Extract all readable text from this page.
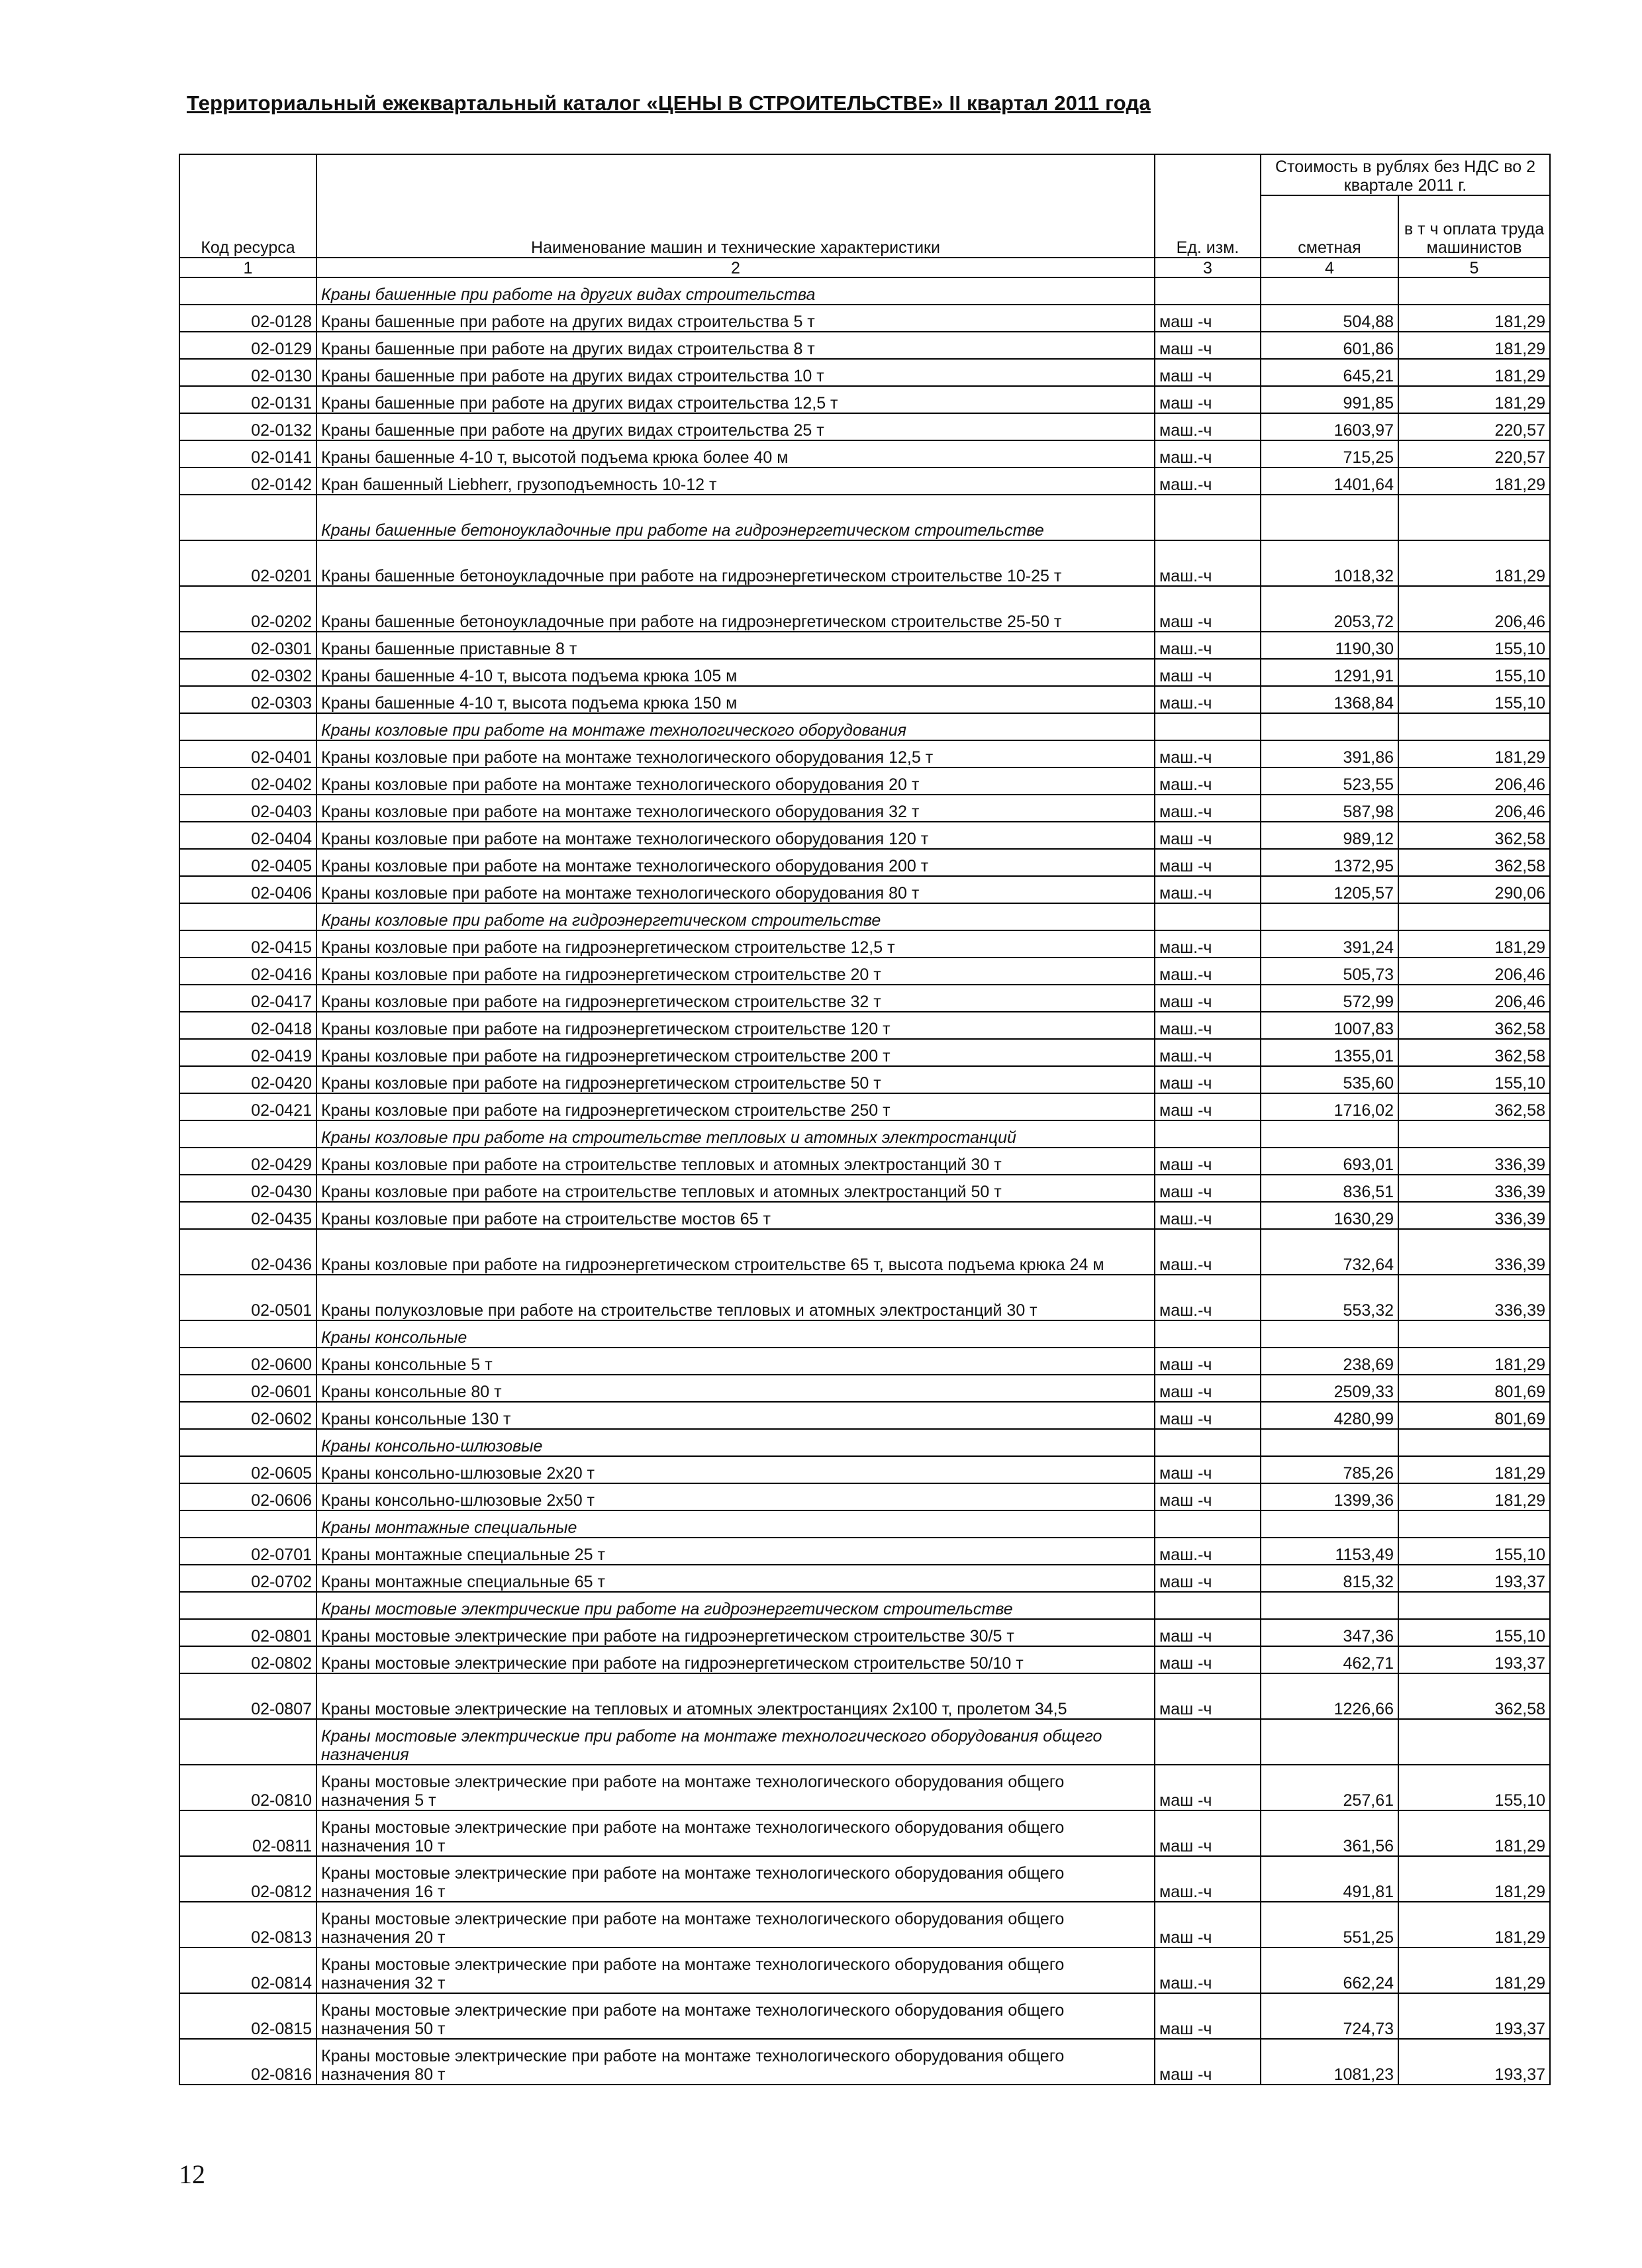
Территориальный ежеквартальный каталог «ЦЕНЫ В СТРОИТЕЛЬСТВЕ» II квартал 2011 года
Код ресурса	Наименование машин и технические характеристики	Ед. изм.	Стоимость в рублях без НДС во 2 квартале 2011 г.	
			сметная	в т ч оплата труда машинистов
1	2	3	4	5
	Краны башенные при работе на других видах строительства			
02-0128	Краны башенные при работе на других видах строительства 5 т	маш -ч	504,88	181,29
02-0129	Краны башенные при работе на других видах строительства 8 т	маш -ч	601,86	181,29
02-0130	Краны башенные при работе на других видах строительства 10 т	маш -ч	645,21	181,29
02-0131	Краны башенные при работе на других видах строительства 12,5 т	маш -ч	991,85	181,29
02-0132	Краны башенные при работе на других видах строительства 25 т	маш.-ч	1603,97	220,57
02-0141	Краны башенные 4-10 т, высотой подъема крюка более 40 м	маш.-ч	715,25	220,57
02-0142	Кран башенный Liebherr, грузоподъемность 10-12 т	маш.-ч	1401,64	181,29
	Краны башенные бетоноукладочные при работе на гидроэнергетическом строительстве			
02-0201	Краны башенные бетоноукладочные при работе на гидроэнергетическом строительстве 10-25 т	маш.-ч	1018,32	181,29
02-0202	Краны башенные бетоноукладочные при работе на гидроэнергетическом строительстве 25-50 т	маш -ч	2053,72	206,46
02-0301	Краны башенные приставные 8 т	маш.-ч	1190,30	155,10
02-0302	Краны башенные 4-10 т, высота подъема крюка 105 м	маш -ч	1291,91	155,10
02-0303	Краны башенные 4-10 т, высота подъема крюка 150 м	маш.-ч	1368,84	155,10
	Краны козловые при работе на монтаже технологического оборудования			
02-0401	Краны козловые при работе на монтаже технологического оборудования 12,5 т	маш.-ч	391,86	181,29
02-0402	Краны козловые при работе на монтаже технологического оборудования 20 т	маш.-ч	523,55	206,46
02-0403	Краны козловые при работе на монтаже технологического оборудования 32 т	маш.-ч	587,98	206,46
02-0404	Краны козловые при работе на монтаже технологического оборудования 120 т	маш -ч	989,12	362,58
02-0405	Краны козловые при работе на монтаже технологического оборудования 200 т	маш -ч	1372,95	362,58
02-0406	Краны козловые при работе на монтаже технологического оборудования 80 т	маш.-ч	1205,57	290,06
	Краны козловые при работе на гидроэнергетическом строительстве			
02-0415	Краны козловые при работе на гидроэнергетическом строительстве 12,5 т	маш.-ч	391,24	181,29
02-0416	Краны козловые при работе на гидроэнергетическом строительстве 20 т	маш.-ч	505,73	206,46
02-0417	Краны козловые при работе на гидроэнергетическом строительстве 32 т	маш -ч	572,99	206,46
02-0418	Краны козловые при работе на гидроэнергетическом строительстве 120 т	маш.-ч	1007,83	362,58
02-0419	Краны козловые при работе на гидроэнергетическом строительстве 200 т	маш.-ч	1355,01	362,58
02-0420	Краны козловые при работе на гидроэнергетическом строительстве 50 т	маш -ч	535,60	155,10
02-0421	Краны козловые при работе на гидроэнергетическом строительстве 250 т	маш -ч	1716,02	362,58
	Краны козловые при работе на строительстве тепловых и атомных электростанций			
02-0429	Краны козловые при работе на строительстве тепловых и атомных электростанций 30 т	маш -ч	693,01	336,39
02-0430	Краны козловые при работе на строительстве тепловых и атомных электростанций 50 т	маш -ч	836,51	336,39
02-0435	Краны козловые при работе на строительстве мостов 65 т	маш.-ч	1630,29	336,39
02-0436	Краны козловые при работе на гидроэнергетическом строительстве 65 т, высота подъема крюка 24 м	маш.-ч	732,64	336,39
02-0501	Краны полукозловые при работе на строительстве тепловых и атомных электростанций 30 т	маш.-ч	553,32	336,39
	Краны консольные			
02-0600	Краны консольные 5 т	маш -ч	238,69	181,29
02-0601	Краны консольные 80 т	маш -ч	2509,33	801,69
02-0602	Краны консольные 130 т	маш -ч	4280,99	801,69
	Краны консольно-шлюзовые			
02-0605	Краны консольно-шлюзовые 2х20 т	маш -ч	785,26	181,29
02-0606	Краны консольно-шлюзовые 2х50 т	маш -ч	1399,36	181,29
	Краны монтажные специальные			
02-0701	Краны монтажные специальные 25 т	маш.-ч	1153,49	155,10
02-0702	Краны монтажные специальные 65 т	маш -ч	815,32	193,37
	Краны мостовые электрические при работе на гидроэнергетическом строительстве			
02-0801	Краны мостовые электрические при работе на гидроэнергетическом строительстве 30/5 т	маш -ч	347,36	155,10
02-0802	Краны мостовые электрические при работе на гидроэнергетическом строительстве 50/10 т	маш -ч	462,71	193,37
02-0807	Краны мостовые электрические на тепловых и атомных электростанциях 2х100 т, пролетом 34,5	маш -ч	1226,66	362,58
	Краны мостовые электрические при работе на монтаже технологического оборудования общего назначения			
02-0810	Краны мостовые электрические при работе на монтаже технологического оборудования общего назначения 5 т	маш -ч	257,61	155,10
02-0811	Краны мостовые электрические при работе на монтаже технологического оборудования общего назначения 10 т	маш -ч	361,56	181,29
02-0812	Краны мостовые электрические при работе на монтаже технологического оборудования общего назначения 16 т	маш.-ч	491,81	181,29
02-0813	Краны мостовые электрические при работе на монтаже технологического оборудования общего назначения 20 т	маш -ч	551,25	181,29
02-0814	Краны мостовые электрические при работе на монтаже технологического оборудования общего назначения 32 т	маш.-ч	662,24	181,29
02-0815	Краны мостовые электрические при работе на монтаже технологического оборудования общего назначения 50 т	маш -ч	724,73	193,37
02-0816	Краны мостовые электрические при работе на монтаже технологического оборудования общего назначения 80 т	маш -ч	1081,23	193,37
12
